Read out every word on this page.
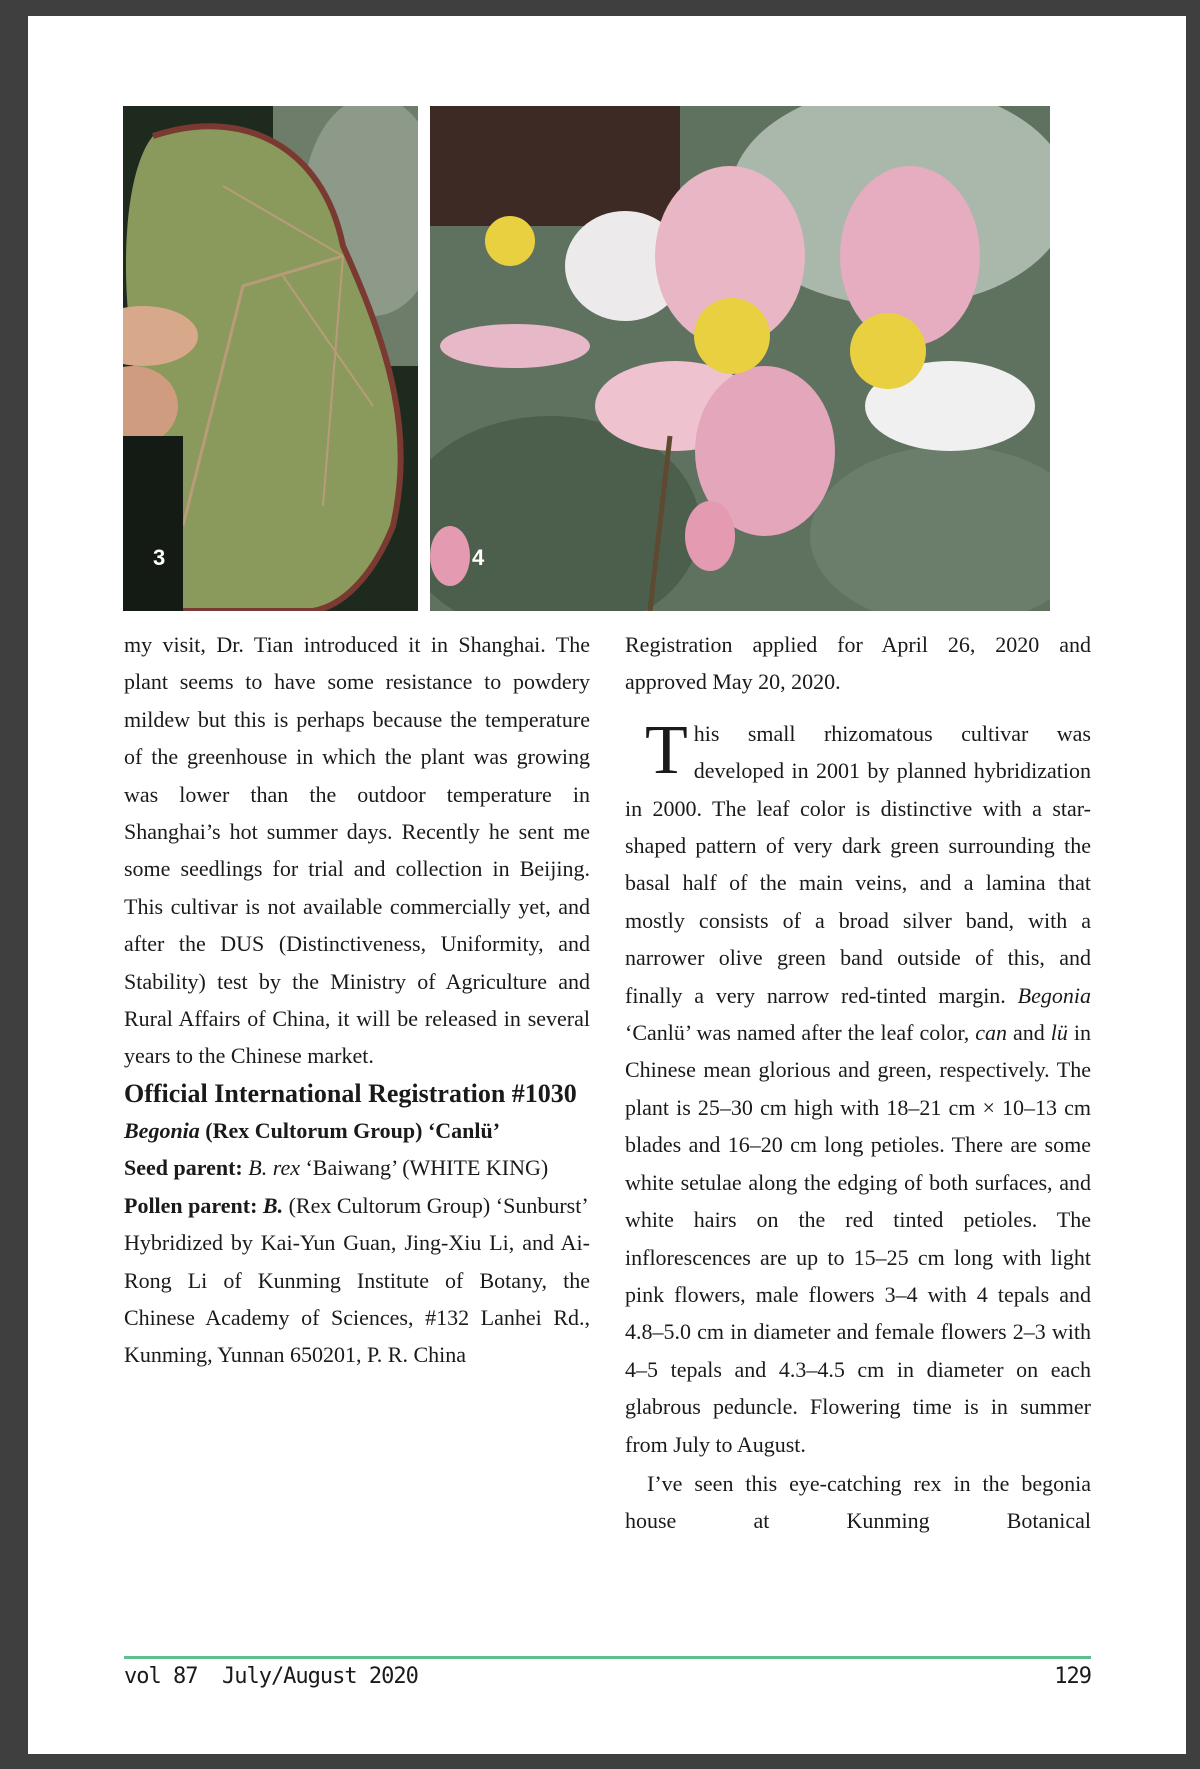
3	4

my visit, Dr. Tian introduced it in Shanghai. The plant seems to have some resistance to powdery mildew but this is perhaps because the temperature of the greenhouse in which the plant was growing was lower than the outdoor temperature in Shanghai’s hot summer days. Recently he sent me some seedlings for trial and collection in Beijing. This cultivar is not available commercially yet, and after the DUS (Distinctiveness, Uniformity, and Stability) test by the Ministry of Agriculture and Rural Affairs of China, it will be released in several years to the Chinese market.

Official International Registration #1030

Begonia (Rex Cultorum Group) ‘Canlü’

Seed parent: B. rex ‘Baiwang’ (WHITE KING)

Pollen parent: B. (Rex Cultorum Group) ‘Sunburst’

Hybridized by Kai-Yun Guan, Jing-Xiu Li, and Ai-Rong Li of Kunming Institute of Botany, the Chinese Academy of Sciences, #132 Lanhei Rd., Kunming, Yunnan 650201, P. R. China

Registration applied for April 26, 2020 and approved May 20, 2020.

This small rhizomatous cultivar was developed in 2001 by planned hybridization in 2000. The leaf color is distinctive with a star-shaped pattern of very dark green surrounding the basal half of the main veins, and a lamina that mostly consists of a broad silver band, with a narrower olive green band outside of this, and finally a very narrow red-tinted margin. Begonia ‘Canlü’ was named after the leaf color, can and lü in Chinese mean glorious and green, respectively. The plant is 25–30 cm high with 18–21 cm × 10–13 cm blades and 16–20 cm long petioles. There are some white setulae along the edging of both surfaces, and white hairs on the red tinted petioles. The inflorescences are up to 15–25 cm long with light pink flowers, male flowers 3–4 with 4 tepals and 4.8–5.0 cm in diameter and female flowers 2–3 with 4–5 tepals and 4.3–4.5 cm in diameter on each glabrous peduncle. Flowering time is in summer from July to August.

I’ve seen this eye-catching rex in the begonia house at Kunming Botanical

vol 87  July/August 2020	129
